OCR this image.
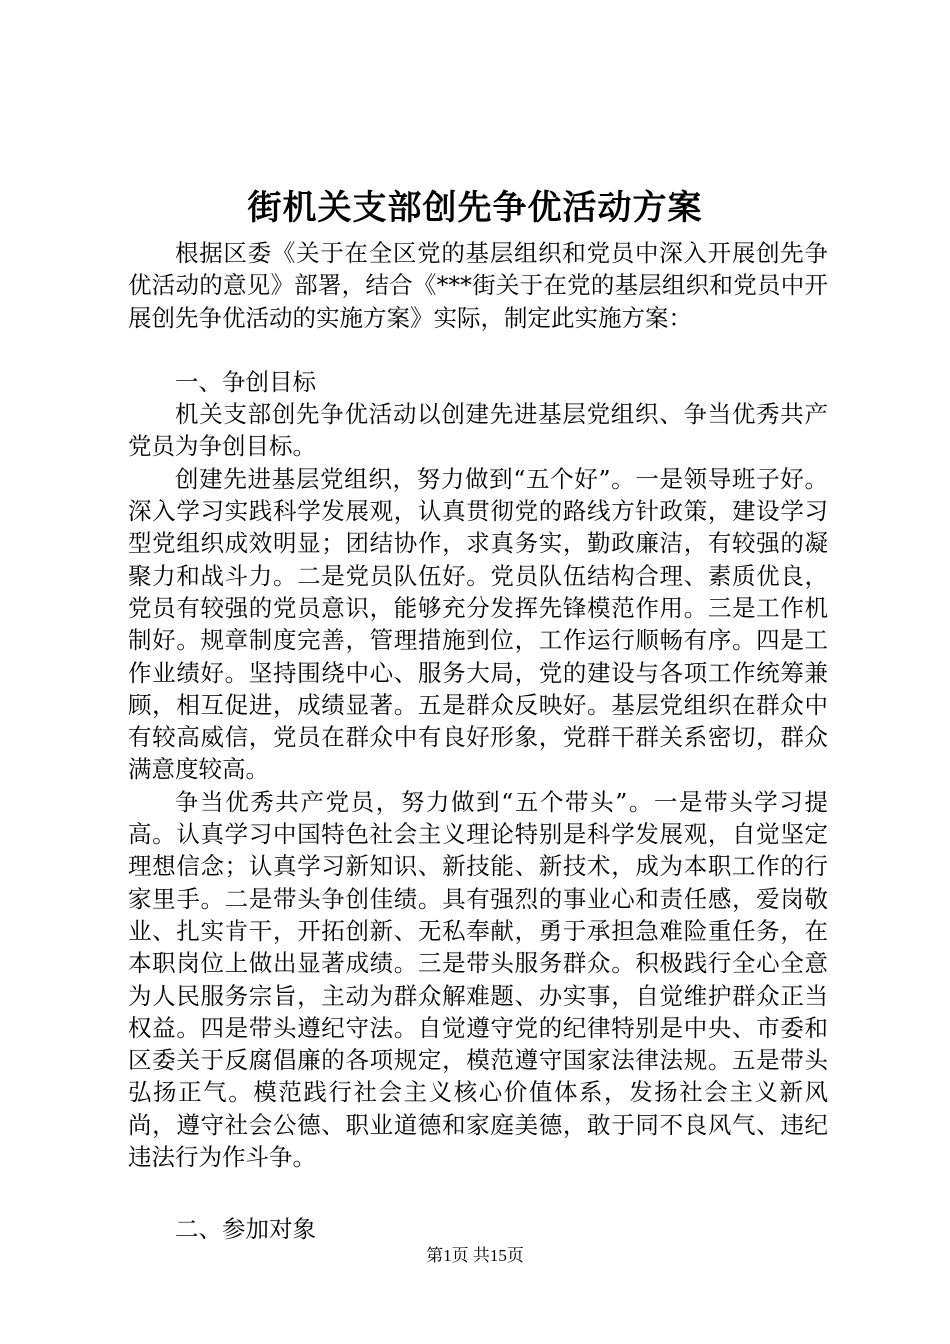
街机关支部创先争优活动方案

根据区委《关于在全区党的基层组织和党员中深入开展创先争优活动的意见》部署，结合《***街关于在党的基层组织和党员中开展创先争优活动的实施方案》实际，制定此实施方案：

一、争创目标

机关支部创先争优活动以创建先进基层党组织、争当优秀共产党员为争创目标。

创建先进基层党组织，努力做到“五个好”。一是领导班子好。深入学习实践科学发展观，认真贯彻党的路线方针政策，建设学习型党组织成效明显；团结协作，求真务实，勤政廉洁，有较强的凝聚力和战斗力。二是党员队伍好。党员队伍结构合理、素质优良，党员有较强的党员意识，能够充分发挥先锋模范作用。三是工作机制好。规章制度完善，管理措施到位，工作运行顺畅有序。四是工作业绩好。坚持围绕中心、服务大局，党的建设与各项工作统筹兼顾，相互促进，成绩显著。五是群众反映好。基层党组织在群众中有较高威信，党员在群众中有良好形象，党群干群关系密切，群众满意度较高。

争当优秀共产党员，努力做到“五个带头”。一是带头学习提高。认真学习中国特色社会主义理论特别是科学发展观，自觉坚定理想信念；认真学习新知识、新技能、新技术，成为本职工作的行家里手。二是带头争创佳绩。具有强烈的事业心和责任感，爱岗敬业、扎实肯干，开拓创新、无私奉献，勇于承担急难险重任务，在本职岗位上做出显著成绩。三是带头服务群众。积极践行全心全意为人民服务宗旨，主动为群众解难题、办实事，自觉维护群众正当权益。四是带头遵纪守法。自觉遵守党的纪律特别是中央、市委和区委关于反腐倡廉的各项规定，模范遵守国家法律法规。五是带头弘扬正气。模范践行社会主义核心价值体系，发扬社会主义新风尚，遵守社会公德、职业道德和家庭美德，敢于同不良风气、违纪违法行为作斗争。

二、参加对象

第1页 共15页
